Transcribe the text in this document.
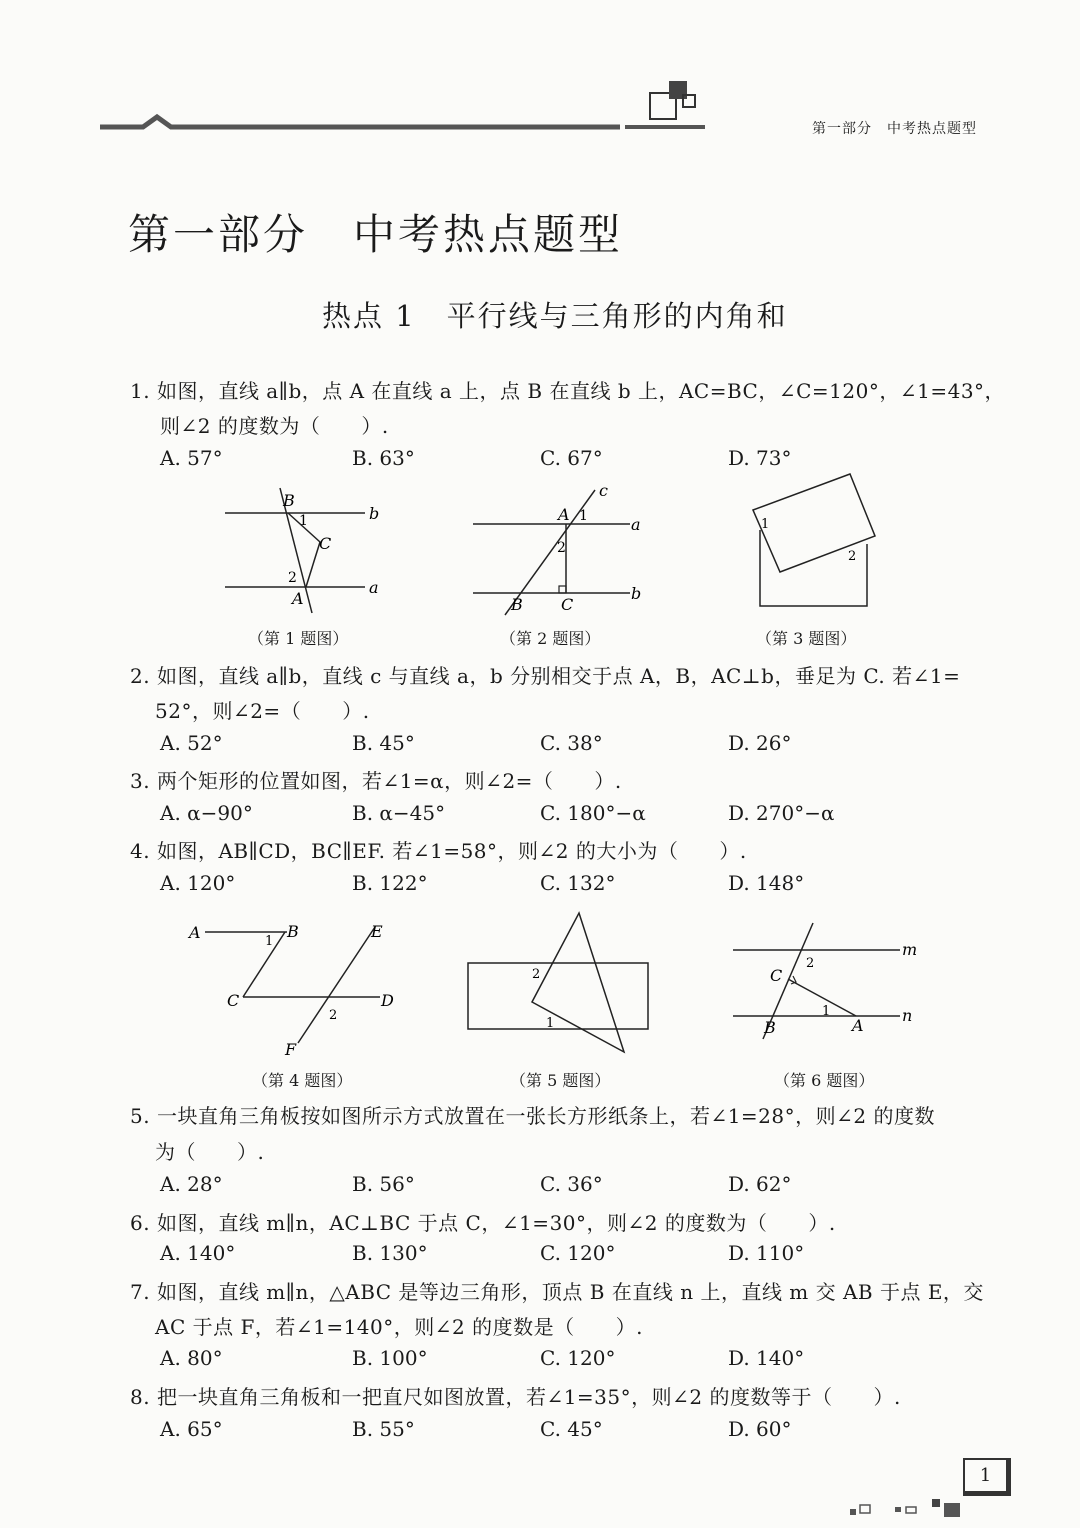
第一部分　中考热点题型
第一部分　中考热点题型
热点 1　平行线与三角形的内角和
1. 如图，直线 a∥b，点 A 在直线 a 上，点 B 在直线 b 上，AC=BC，∠C=120°，∠1=43°，
则∠2 的度数为（　　）.
A. 57°	B. 63°	C. 67°	D. 73°
B
1
C
2
A
b
a
（第 1 题图）
c
A 1
2
a
b
B C
（第 2 题图）
1
2
（第 3 题图）
2. 如图，直线 a∥b，直线 c 与直线 a，b 分别相交于点 A，B，AC⊥b，垂足为 C. 若∠1=
52°，则∠2=（　　）.
A. 52°	B. 45°	C. 38°	D. 26°
3. 两个矩形的位置如图，若∠1=α，则∠2=（　　）.
A. α−90°	B. α−45°	C. 180°−α	D. 270°−α
4. 如图，AB∥CD，BC∥EF. 若∠1=58°，则∠2 的大小为（　　）.
A. 120°	B. 122°	C. 132°	D. 148°
A	B
1
E
C	D
2
F
（第 4 题图）
2
1
（第 5 题图）
m
n
2
C
1
B	A
（第 6 题图）
5. 一块直角三角板按如图所示方式放置在一张长方形纸条上，若∠1=28°，则∠2 的度数
为（　　）.
A. 28°	B. 56°	C. 36°	D. 62°
6. 如图，直线 m∥n，AC⊥BC 于点 C，∠1=30°，则∠2 的度数为（　　）.
A. 140°	B. 130°	C. 120°	D. 110°
7. 如图，直线 m∥n，△ABC 是等边三角形，顶点 B 在直线 n 上，直线 m 交 AB 于点 E，交
AC 于点 F，若∠1=140°，则∠2 的度数是（　　）.
A. 80°	B. 100°	C. 120°	D. 140°
8. 把一块直角三角板和一把直尺如图放置，若∠1=35°，则∠2 的度数等于（　　）.
A. 65°	B. 55°	C. 45°	D. 60°
1
